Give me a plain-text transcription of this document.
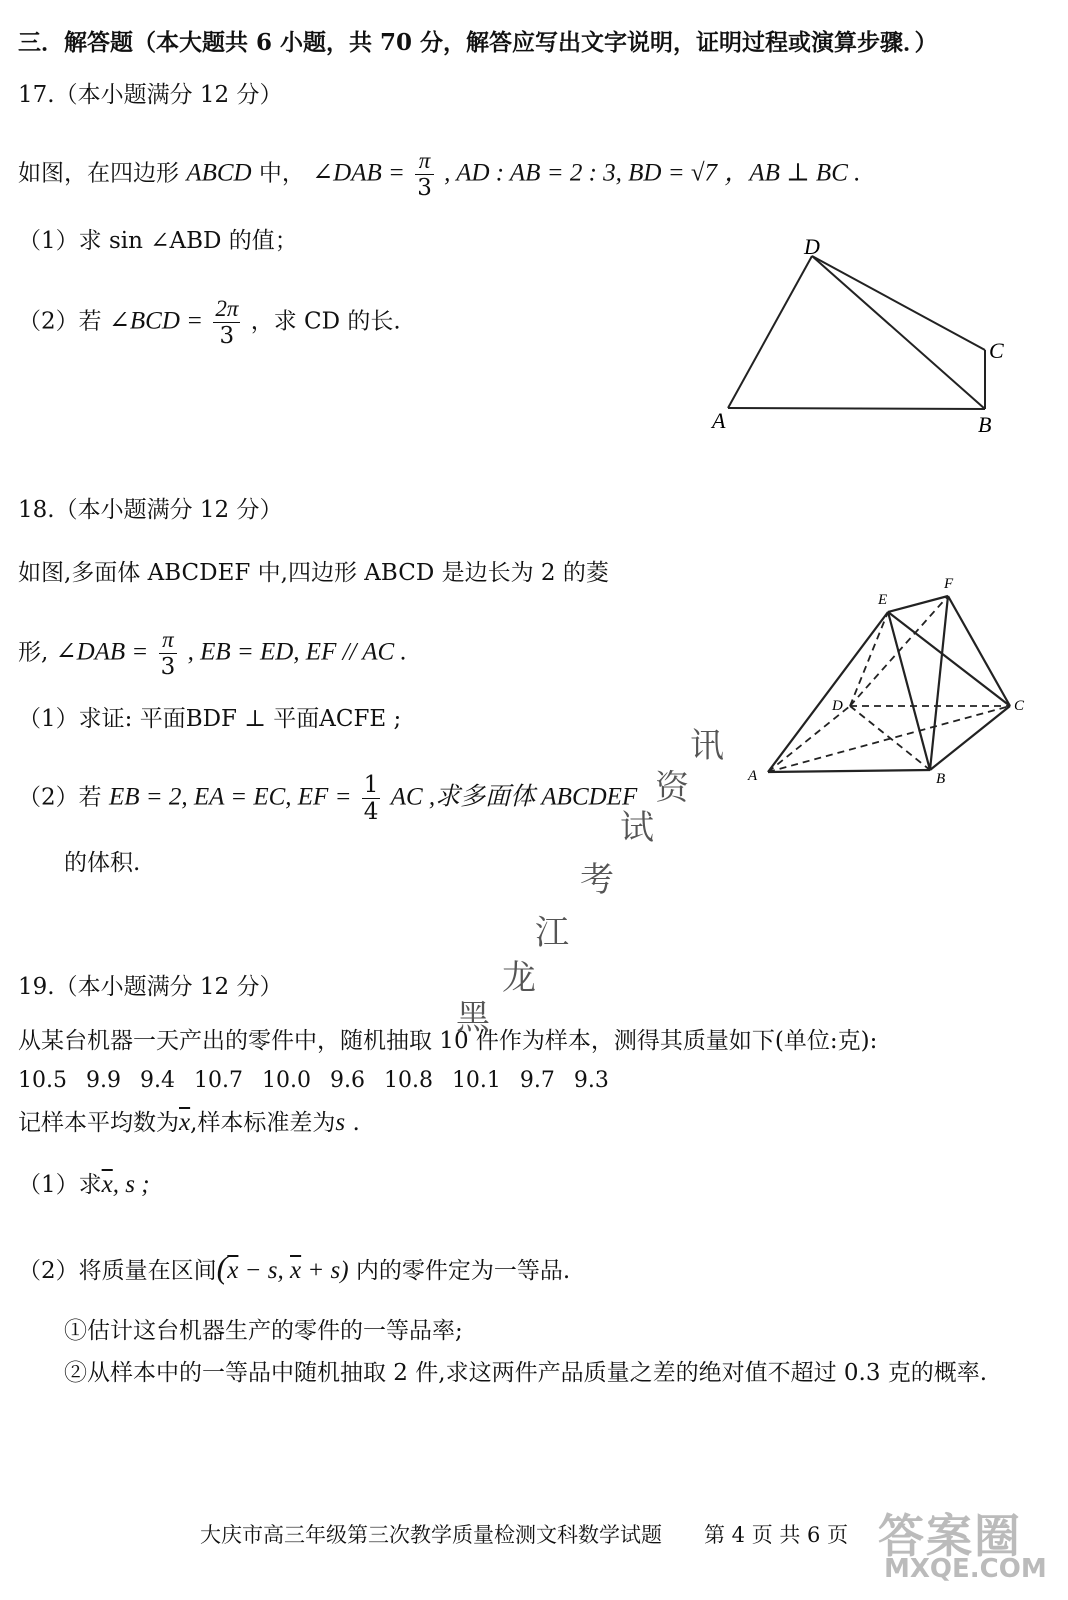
三．解答题（本大题共 6 小题，共 70 分，解答应写出文字说明，证明过程或演算步骤．）
17.（本小题满分 12 分）
如图，在四边形 ABCD 中， ∠DAB = $\frac{\pi}{3}$ , AD : AB = 2 : 3, BD = √7 ，AB ⊥ BC .
（1）求 sin ∠ABD 的值；
（2）若 ∠BCD = $\frac{2\pi}{3}$ ，求 CD 的长.
D
C
A	B
18.（本小题满分 12 分）
如图,多面体 ABCDEF 中,四边形 ABCD 是边长为 2 的菱
形, ∠DAB = $\frac{\pi}{3}$ , EB = ED, EF // AC .
（1）求证: 平面BDF ⊥ 平面ACFE ;
（2）若 EB = 2, EA = EC, EF = $\frac{1}{4}$ AC ,求多面体 ABCDEF
的体积.
F
E
D	C
A	B
19.（本小题满分 12 分）
从某台机器一天产出的零件中，随机抽取 10 件作为样本，测得其质量如下(单位:克):
10.5 9.9 9.4 10.7 10.0 9.6 10.8 10.1 9.7 9.3
记样本平均数为$\overline{x}$,样本标准差为s .
（1）求$\overline{x}$, s ;
（2）将质量在区间($\overline{x} - s$, $\overline{x} + s$) 内的零件定为一等品.
①估计这台机器生产的零件的一等品率;
②从样本中的一等品中随机抽取 2 件,求这两件产品质量之差的绝对值不超过 0.3 克的概率.
黑
龙
江
考
试
资
讯
大庆市高三年级第三次教学质量检测文科数学试题　　第 4 页 共 6 页 答案圈
MXQE.COM
